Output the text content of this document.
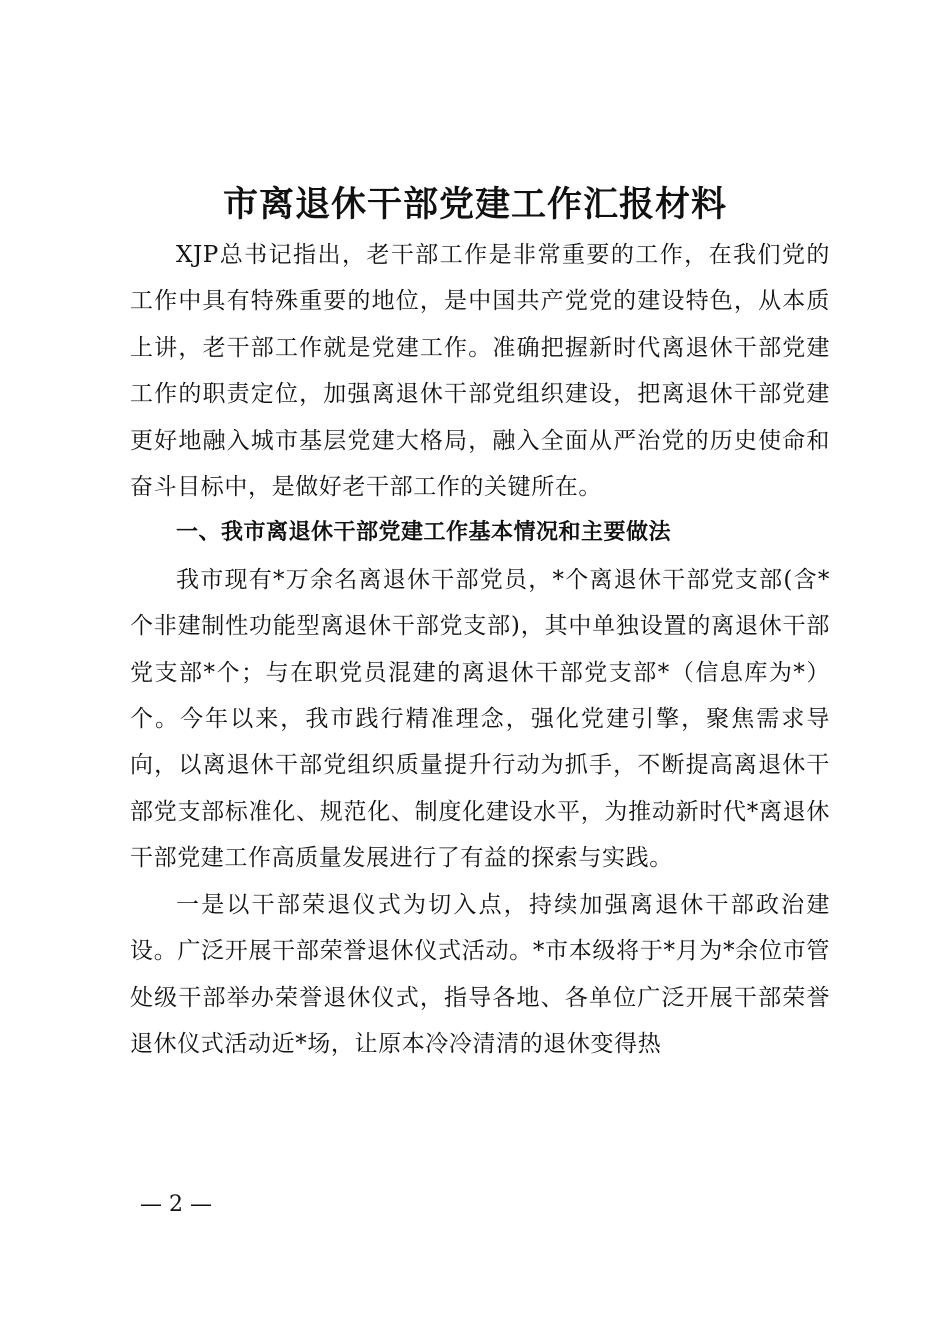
市离退休干部党建工作汇报材料

XJP总书记指出，老干部工作是非常重要的工作，在我们党的工作中具有特殊重要的地位，是中国共产党党的建设特色，从本质上讲，老干部工作就是党建工作。准确把握新时代离退休干部党建工作的职责定位，加强离退休干部党组织建设，把离退休干部党建更好地融入城市基层党建大格局，融入全面从严治党的历史使命和奋斗目标中，是做好老干部工作的关键所在。

一、我市离退休干部党建工作基本情况和主要做法

我市现有*万余名离退休干部党员，*个离退休干部党支部(含*个非建制性功能型离退休干部党支部)，其中单独设置的离退休干部党支部*个；与在职党员混建的离退休干部党支部*（信息库为*）个。今年以来，我市践行精准理念，强化党建引擎，聚焦需求导向，以离退休干部党组织质量提升行动为抓手，不断提高离退休干部党支部标准化、规范化、制度化建设水平，为推动新时代*离退休干部党建工作高质量发展进行了有益的探索与实践。

一是以干部荣退仪式为切入点，持续加强离退休干部政治建设。广泛开展干部荣誉退休仪式活动。*市本级将于*月为*余位市管处级干部举办荣誉退休仪式，指导各地、各单位广泛开展干部荣誉退休仪式活动近*场，让原本冷冷清清的退休变得热

— 2 —
